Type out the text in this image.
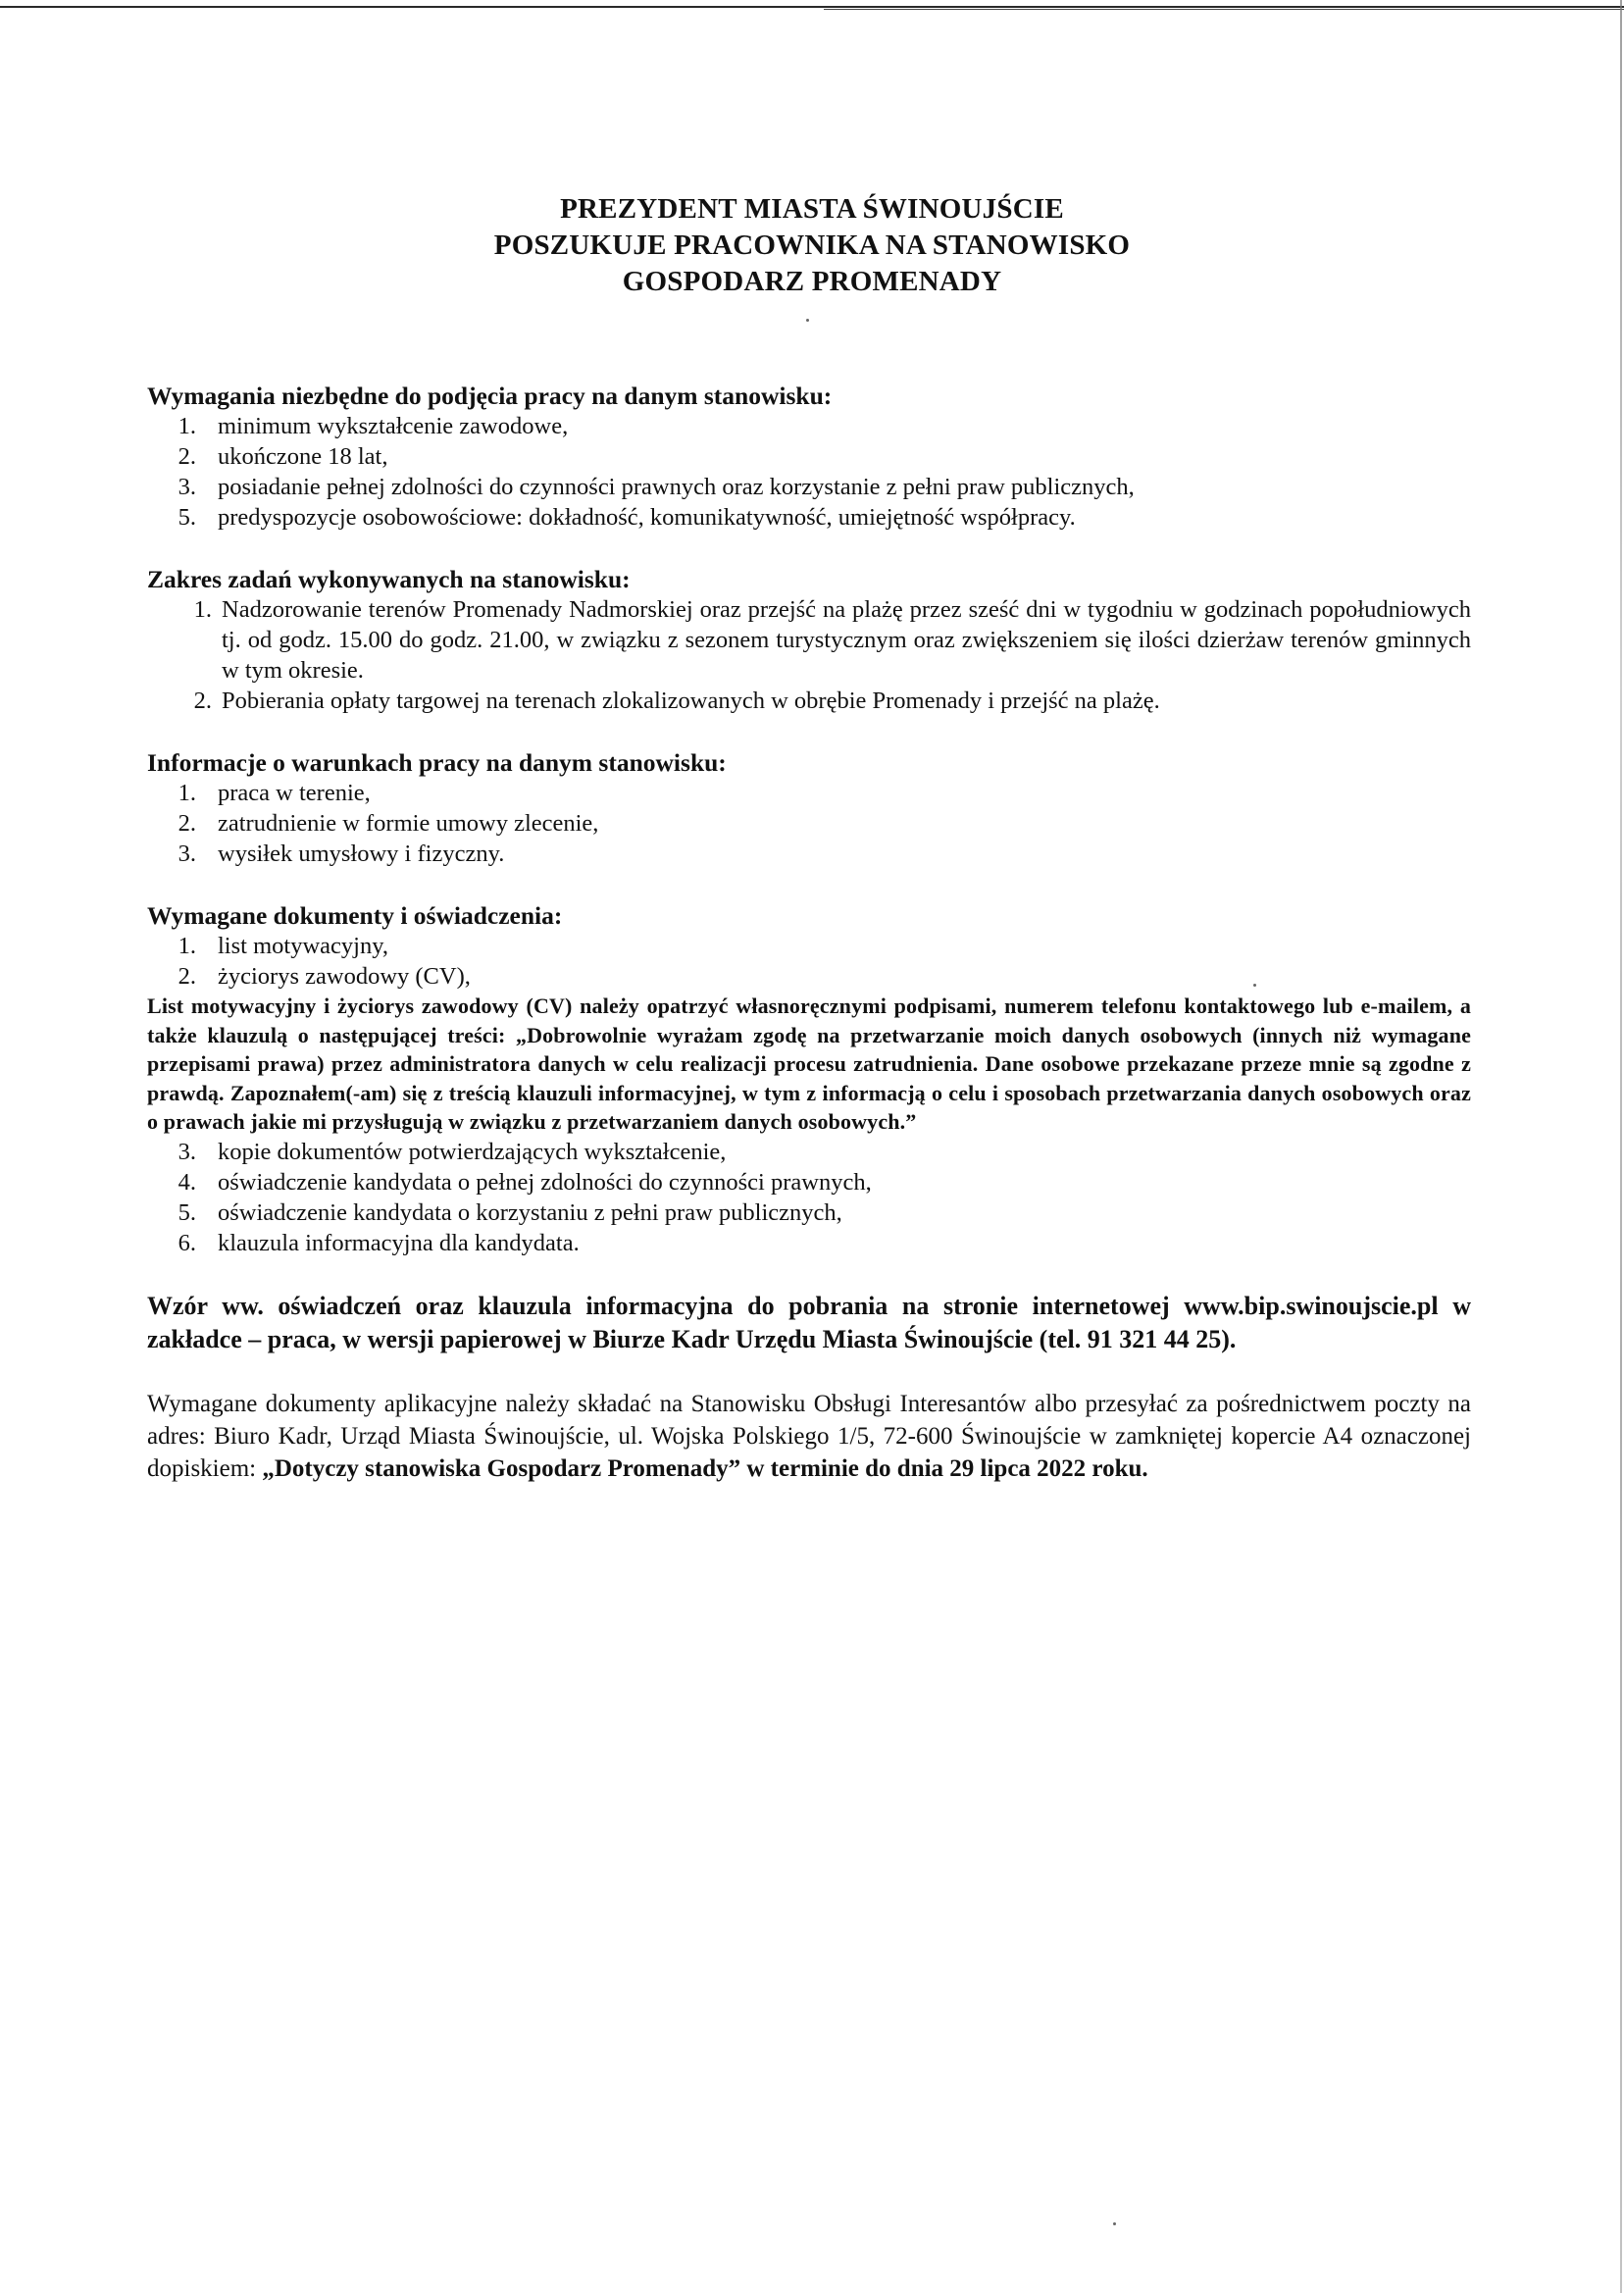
PREZYDENT MIASTA ŚWINOUJŚCIE
POSZUKUJE PRACOWNIKA NA STANOWISKO
GOSPODARZ PROMENADY

Wymagania niezbędne do podjęcia pracy na danym stanowisku:

1. minimum wykształcenie zawodowe,
2. ukończone 18 lat,
3. posiadanie pełnej zdolności do czynności prawnych oraz korzystanie z pełni praw publicznych,
5. predyspozycje osobowościowe: dokładność, komunikatywność, umiejętność współpracy.

Zakres zadań wykonywanych na stanowisku:

1. Nadzorowanie terenów Promenady Nadmorskiej oraz przejść na plażę przez sześć dni w tygodniu w godzinach popołudniowych tj. od godz. 15.00 do godz. 21.00, w związku z sezonem turystycznym oraz zwiększeniem się ilości dzierżaw terenów gminnych w tym okresie.
2. Pobierania opłaty targowej na terenach zlokalizowanych w obrębie Promenady i przejść na plażę.

Informacje o warunkach pracy na danym stanowisku:

1. praca w terenie,
2. zatrudnienie w formie umowy zlecenie,
3. wysiłek umysłowy i fizyczny.

Wymagane dokumenty i oświadczenia:

1. list motywacyjny,
2. życiorys zawodowy (CV),

List motywacyjny i życiorys zawodowy (CV) należy opatrzyć własnoręcznymi podpisami, numerem telefonu kontaktowego lub e-mailem, a także klauzulą o następującej treści: „Dobrowolnie wyrażam zgodę na przetwarzanie moich danych osobowych (innych niż wymagane przepisami prawa) przez administratora danych w celu realizacji procesu zatrudnienia. Dane osobowe przekazane przeze mnie są zgodne z prawdą. Zapoznałem(-am) się z treścią klauzuli informacyjnej, w tym z informacją o celu i sposobach przetwarzania danych osobowych oraz o prawach jakie mi przysługują w związku z przetwarzaniem danych osobowych.”

3. kopie dokumentów potwierdzających wykształcenie,
4. oświadczenie kandydata o pełnej zdolności do czynności prawnych,
5. oświadczenie kandydata o korzystaniu z pełni praw publicznych,
6. klauzula informacyjna dla kandydata.

Wzór ww. oświadczeń oraz klauzula informacyjna do pobrania na stronie internetowej www.bip.swinoujscie.pl w zakładce – praca, w wersji papierowej w Biurze Kadr Urzędu Miasta Świnoujście (tel. 91 321 44 25).

Wymagane dokumenty aplikacyjne należy składać na Stanowisku Obsługi Interesantów albo przesyłać za pośrednictwem poczty na adres: Biuro Kadr, Urząd Miasta Świnoujście, ul. Wojska Polskiego 1/5, 72-600 Świnoujście w zamkniętej kopercie A4 oznaczonej dopiskiem: „Dotyczy stanowiska Gospodarz Promenady” w terminie do dnia 29 lipca 2022 roku.
